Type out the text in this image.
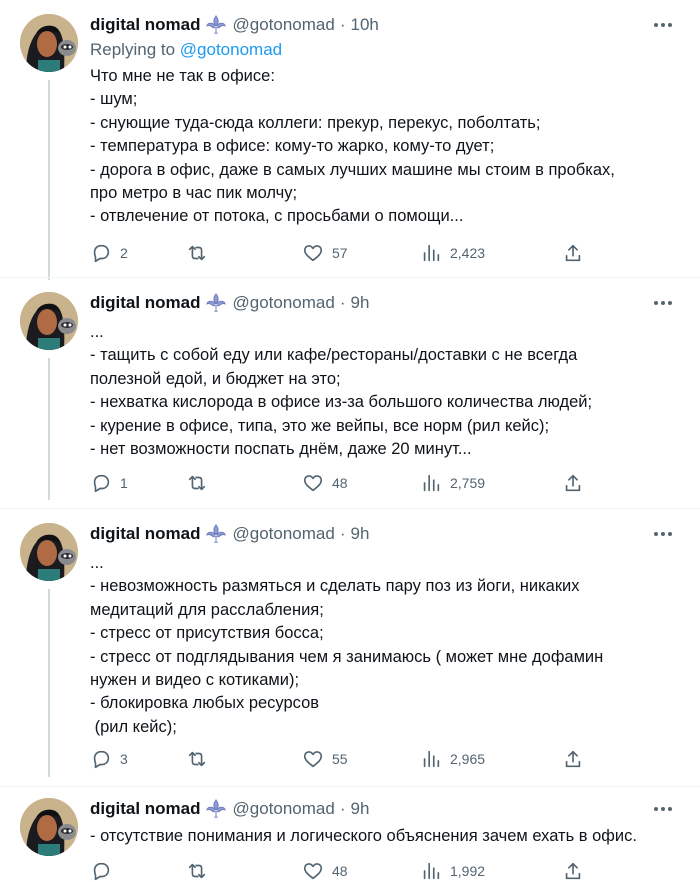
digital nomad @gotonomad · 10h
Replying to @gotonomad
Что мне не так в офисе:
- шум;
- снующие туда-сюда коллеги: прекур, перекус, поболтать;
- температура в офисе: кому-то жарко, кому-то дует;
- дорога в офис, даже в самых лучших машине мы стоим в пробках,
про метро в час пик молчу;
- отвлечение от потока, с просьбами о помощи...
2	57	2,423
digital nomad @gotonomad · 9h
...
- тащить с собой еду или кафе/рестораны/доставки с не всегда
полезной едой, и бюджет на это;
- нехватка кислорода в офисе из-за большого количества людей;
- курение в офисе, типа, это же вейпы, все норм (рил кейс);
- нет возможности поспать днём, даже 20 минут...
1	48	2,759
digital nomad @gotonomad · 9h
...
- невозможность размяться и сделать пару поз из йоги, никаких
медитаций для расслабления;
- стресс от присутствия босса;
- стресс от подглядывания чем я занимаюсь ( может мне дофамин
нужен и видео с котиками);
- блокировка любых ресурсов
(рил кейс);
3	55	2,965
digital nomad @gotonomad · 9h
- отсутствие понимания и логического объяснения зачем ехать в офис.
48	1,992
